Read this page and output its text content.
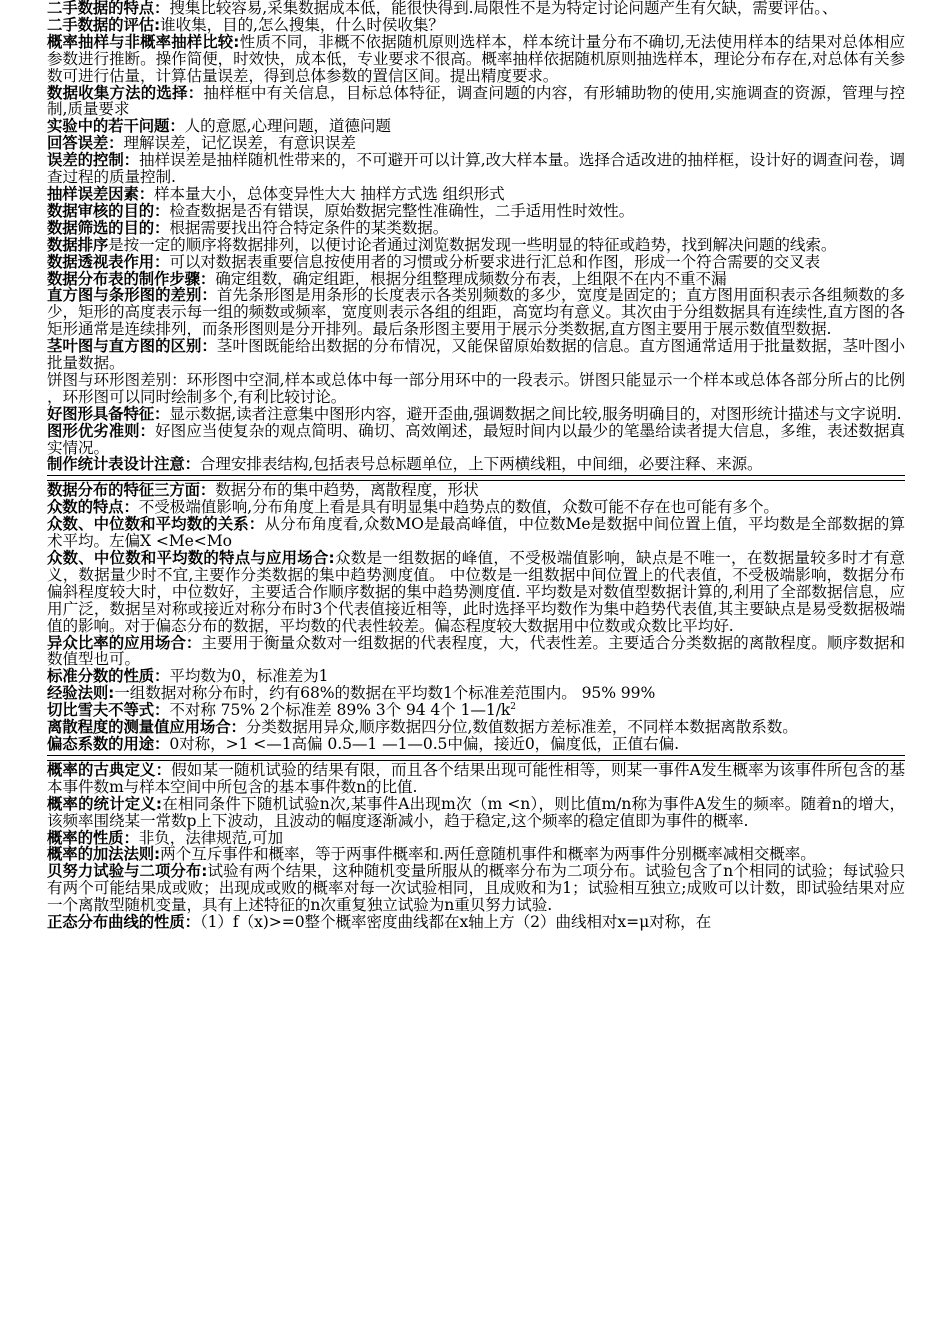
二手数据的特点：搜集比较容易,采集数据成本低，能很快得到.局限性不是为特定讨论问题产生有欠缺，需要评估。、

二手数据的评估:谁收集，目的,怎么搜集，什么时侯收集？

概率抽样与非概率抽样比较:性质不同，非概不依据随机原则选样本，样本统计量分布不确切,无法使用样本的结果对总体相应参数进行推断。操作简便，时效快，成本低，专业要求不很高。概率抽样依据随机原则抽选样本，理论分布存在,对总体有关参数可进行估量，计算估量误差，得到总体参数的置信区间。提出精度要求。

数据收集方法的选择：抽样框中有关信息，目标总体特征，调查问题的内容，有形辅助物的使用,实施调查的资源，管理与控制,质量要求

实验中的若干问题：人的意愿,心理问题，道德问题

回答误差：理解误差，记忆误差，有意识误差

误差的控制：抽样误差是抽样随机性带来的，不可避开可以计算,改大样本量。选择合适改进的抽样框，设计好的调查问卷，调查过程的质量控制.

抽样误差因素：样本量大小，总体变异性大大 抽样方式选 组织形式

数据审核的目的：检查数据是否有错误，原始数据完整性准确性，二手适用性时效性。

数据筛选的目的：根据需要找出符合特定条件的某类数据。

数据排序是按一定的顺序将数据排列，以便讨论者通过浏览数据发现一些明显的特征或趋势，找到解决问题的线索。

数据透视表作用：可以对数据表重要信息按使用者的习惯或分析要求进行汇总和作图，形成一个符合需要的交叉表

数据分布表的制作步骤：确定组数，确定组距，根据分组整理成频数分布表，上组限不在内不重不漏

直方图与条形图的差别：首先条形图是用条形的长度表示各类别频数的多少，宽度是固定的；直方图用面积表示各组频数的多少，矩形的高度表示每一组的频数或频率，宽度则表示各组的组距，高宽均有意义。其次由于分组数据具有连续性,直方图的各矩形通常是连续排列，而条形图则是分开排列。最后条形图主要用于展示分类数据,直方图主要用于展示数值型数据.

茎叶图与直方图的区别：茎叶图既能给出数据的分布情况，又能保留原始数据的信息。直方图通常适用于批量数据，茎叶图小批量数据。

饼图与环形图差别：环形图中空洞,样本或总体中每一部分用环中的一段表示。饼图只能显示一个样本或总体各部分所占的比例 ，环形图可以同时绘制多个,有利比较讨论。

好图形具备特征：显示数据,读者注意集中图形内容，避开歪曲,强调数据之间比较,服务明确目的，对图形统计描述与文字说明.

图形优劣准则：好图应当使复杂的观点简明、确切、高效阐述，最短时间内以最少的笔墨给读者提大信息，多维，表述数据真实情况。

制作统计表设计注意：合理安排表结构,包括表号总标题单位，上下两横线粗，中间细，必要注释、来源。

数据分布的特征三方面：数据分布的集中趋势，离散程度，形状

众数的特点：不受极端值影响,分布角度上看是具有明显集中趋势点的数值，众数可能不存在也可能有多个。

众数、中位数和平均数的关系：从分布角度看,众数MO是最高峰值，中位数Me是数据中间位置上值，平均数是全部数据的算术平均。左偏X <Me<Mo

众数、中位数和平均数的特点与应用场合:众数是一组数据的峰值，不受极端值影响，缺点是不唯一，在数据量较多时才有意义，数据量少时不宜,主要作分类数据的集中趋势测度值。 中位数是一组数据中间位置上的代表值，不受极端影响，数据分布偏斜程度较大时，中位数好，主要适合作顺序数据的集中趋势测度值. 平均数是对数值型数据计算的,利用了全部数据信息，应用广泛，数据呈对称或接近对称分布时3个代表值接近相等，此时选择平均数作为集中趋势代表值,其主要缺点是易受数据极端值的影响。对于偏态分布的数据，平均数的代表性较差。偏态程度较大数据用中位数或众数比平均好.

异众比率的应用场合：主要用于衡量众数对一组数据的代表程度，大，代表性差。主要适合分类数据的离散程度。顺序数据和数值型也可。

标准分数的性质：平均数为0，标准差为1

经验法则:一组数据对称分布时，约有68%的数据在平均数1个标准差范围内。 95% 99%

切比雪夫不等式：不对称 75% 2个标准差 89% 3个 94 4个 $1—1/k^2$

离散程度的测量值应用场合：分类数据用异众,顺序数据四分位,数值数据方差标准差，不同样本数据离散系数。

偏态系数的用途：0对称，>1 <—1高偏 0.5—1 —1—0.5中偏，接近0，偏度低，正值右偏.

概率的古典定义：假如某一随机试验的结果有限，而且各个结果出现可能性相等，则某一事件A发生概率为该事件所包含的基本事件数m与样本空间中所包含的基本事件数n的比值.

概率的统计定义:在相同条件下随机试验n次,某事件A出现m次（m <n），则比值m/n称为事件A发生的频率。随着n的增大，该频率围绕某一常数p上下波动，且波动的幅度逐渐减小，趋于稳定,这个频率的稳定值即为事件的概率.

概率的性质：非负，法律规范,可加

概率的加法法则:两个互斥事件和概率，等于两事件概率和.两任意随机事件和概率为两事件分别概率减相交概率。

贝努力试验与二项分布:试验有两个结果，这种随机变量所服从的概率分布为二项分布。试验包含了n个相同的试验；每试验只有两个可能结果成或败；出现成或败的概率对每一次试验相同，且成败和为1；试验相互独立;成败可以计数，即试验结果对应一个离散型随机变量，具有上述特征的n次重复独立试验为n重贝努力试验.

正态分布曲线的性质：（1）f（x)>=0整个概率密度曲线都在x轴上方（2）曲线相对x=μ对称，在
